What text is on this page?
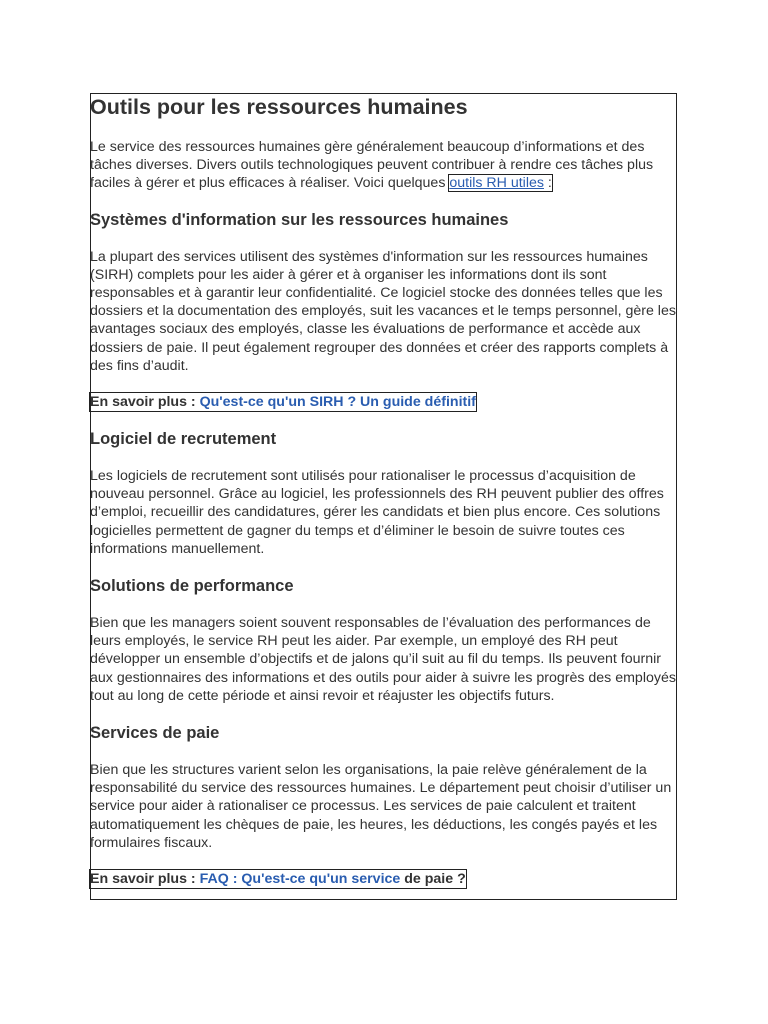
Outils pour les ressources humaines

Le service des ressources humaines gère généralement beaucoup d’informations et des tâches diverses. Divers outils technologiques peuvent contribuer à rendre ces tâches plus faciles à gérer et plus efficaces à réaliser. Voici quelques outils RH utiles :

Systèmes d'information sur les ressources humaines

La plupart des services utilisent des systèmes d'information sur les ressources humaines (SIRH) complets pour les aider à gérer et à organiser les informations dont ils sont responsables et à garantir leur confidentialité. Ce logiciel stocke des données telles que les dossiers et la documentation des employés, suit les vacances et le temps personnel, gère les avantages sociaux des employés, classe les évaluations de performance et accède aux dossiers de paie. Il peut également regrouper des données et créer des rapports complets à des fins d’audit.

En savoir plus : Qu'est-ce qu'un SIRH ? Un guide définitif
Logiciel de recrutement

Les logiciels de recrutement sont utilisés pour rationaliser le processus d’acquisition de nouveau personnel. Grâce au logiciel, les professionnels des RH peuvent publier des offres d’emploi, recueillir des candidatures, gérer les candidats et bien plus encore. Ces solutions logicielles permettent de gagner du temps et d’éliminer le besoin de suivre toutes ces informations manuellement.

Solutions de performance

Bien que les managers soient souvent responsables de l’évaluation des performances de leurs employés, le service RH peut les aider. Par exemple, un employé des RH peut développer un ensemble d’objectifs et de jalons qu’il suit au fil du temps. Ils peuvent fournir aux gestionnaires des informations et des outils pour aider à suivre les progrès des employés tout au long de cette période et ainsi revoir et réajuster les objectifs futurs.

Services de paie

Bien que les structures varient selon les organisations, la paie relève généralement de la responsabilité du service des ressources humaines. Le département peut choisir d’utiliser un service pour aider à rationaliser ce processus. Les services de paie calculent et traitent automatiquement les chèques de paie, les heures, les déductions, les congés payés et les formulaires fiscaux.

En savoir plus : FAQ : Qu'est-ce qu'un service de paie ?
